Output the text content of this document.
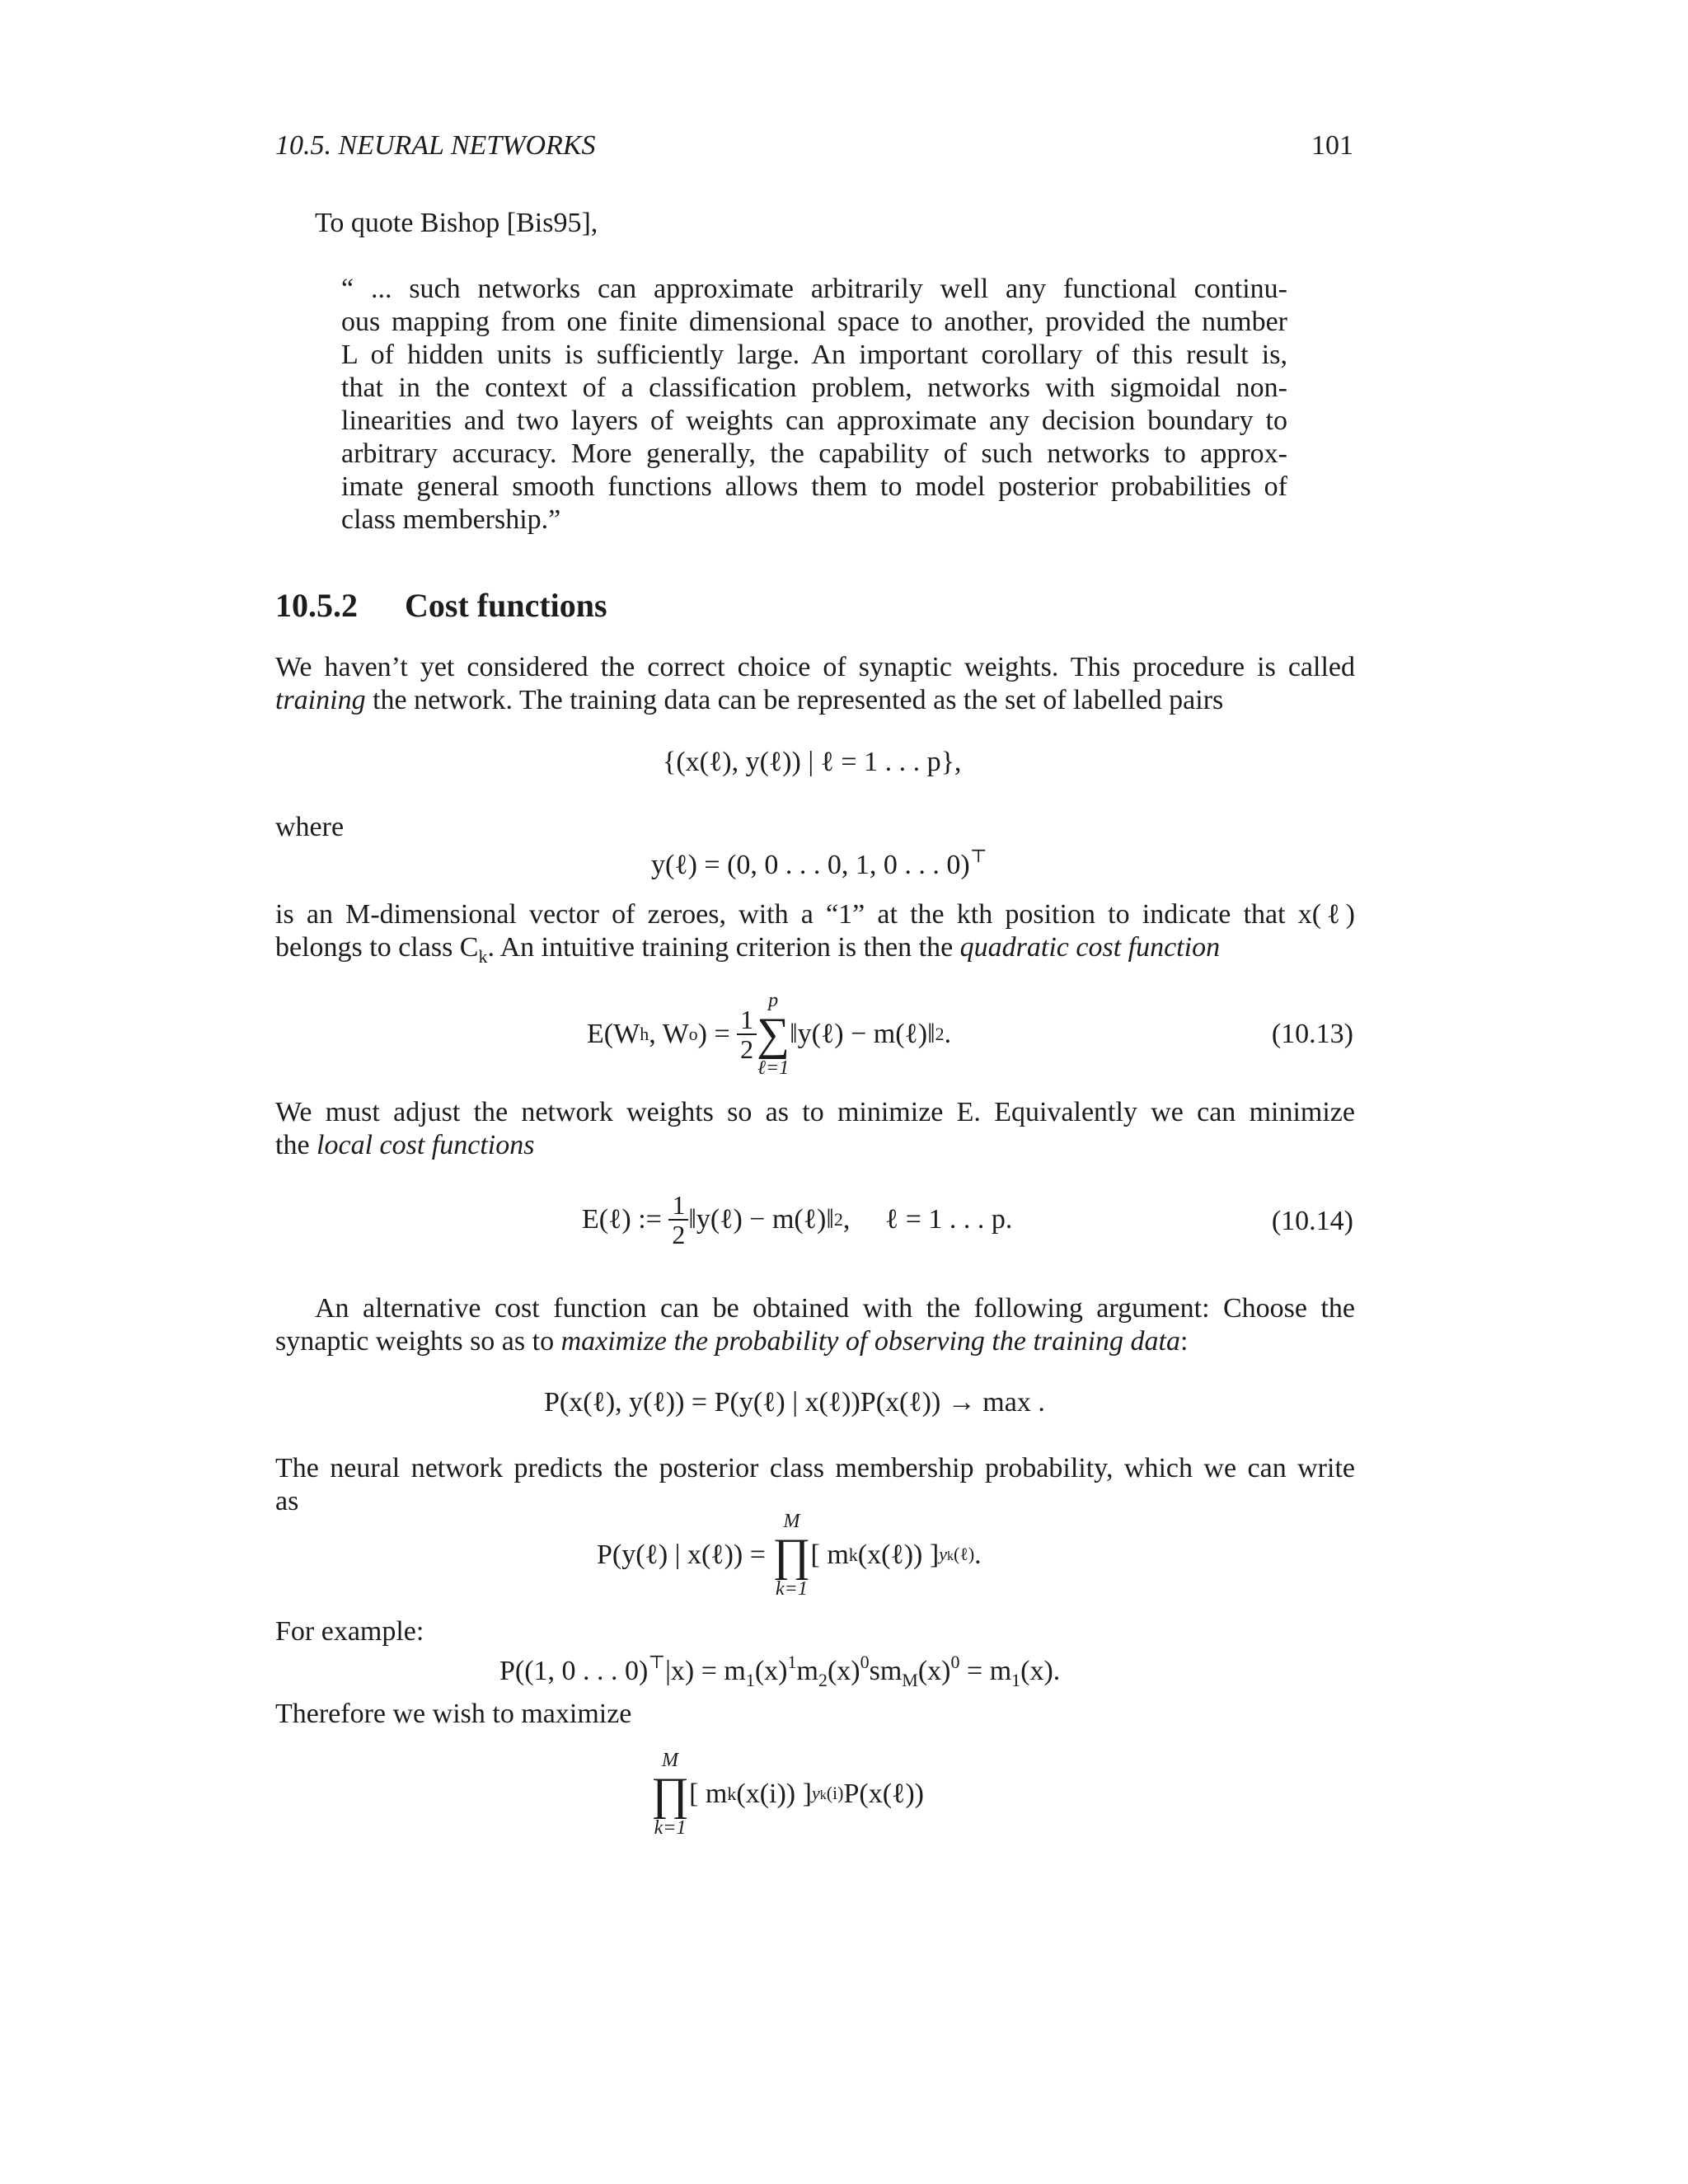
10.5. NEURAL NETWORKS	101
To quote Bishop [Bis95],
“ ... such networks can approximate arbitrarily well any functional continu-
ous mapping from one finite dimensional space to another, provided the number
L of hidden units is sufficiently large. An important corollary of this result is,
that in the context of a classification problem, networks with sigmoidal non-
linearities and two layers of weights can approximate any decision boundary to
arbitrary accuracy. More generally, the capability of such networks to approx-
imate general smooth functions allows them to model posterior probabilities of
class membership.”
10.5.2 Cost functions
We haven’t yet considered the correct choice of synaptic weights. This procedure is called
training the network. The training data can be represented as the set of labelled pairs
{(x(ℓ), y(ℓ)) | ℓ = 1 . . . p},
where
y(ℓ) = (0, 0 . . . 0, 1, 0 . . . 0)⊤
is an M-dimensional vector of zeroes, with a “1” at the kth position to indicate that x(ℓ)
belongs to class $C_k$. An intuitive training criterion is then the quadratic cost function
E(W h , W o ) =
$\frac{1}{2}$
p
∑
ℓ=1
‖y(ℓ) − m(ℓ)‖ 2 .	(10.13)
We must adjust the network weights so as to minimize E. Equivalently we can minimize
the local cost functions
E(ℓ) :=
$\frac{1}{2}$ ‖y(ℓ) − m(ℓ)‖ 2 ,     ℓ = 1 . . . p.	(10.14)
An alternative cost function can be obtained with the following argument: Choose the
synaptic weights so as to maximize the probability of observing the training data:
P(x(ℓ), y(ℓ)) = P(y(ℓ) | x(ℓ))P(x(ℓ)) → max .
The neural network predicts the posterior class membership probability, which we can write
as
P(y(ℓ) | x(ℓ)) =

M
∏
k=1
[ m k (x(ℓ)) ] yk(ℓ) .
For example:
P((1, 0 . . . $0)^⊤|x) = m_1(x)^1m_2(x)^0sm_M(x)^0 = m_1(x)$.
Therefore we wish to maximize
M
∏
k=1
[ m k (x(i)) ] yk(i) P(x(ℓ))
